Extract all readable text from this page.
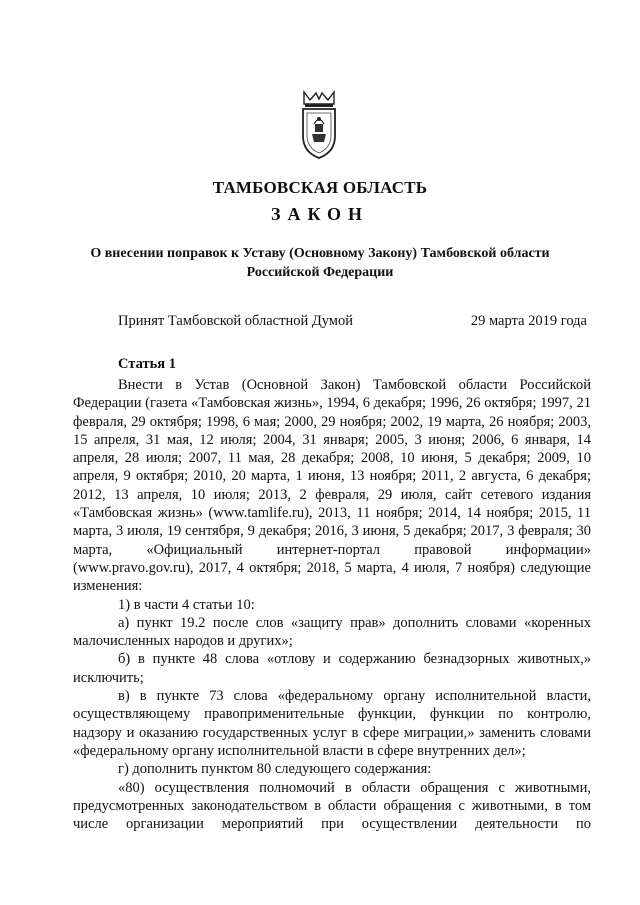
ТАМБОВСКАЯ ОБЛАСТЬ
ЗАКОН
О внесении поправок к Уставу (Основному Закону) Тамбовской области
Российской Федерации
Принят Тамбовской областной Думой	29 марта 2019 года
Статья 1

Внести в Устав (Основной Закон) Тамбовской области Российской Федерации (газета «Тамбовская жизнь», 1994, 6 декабря; 1996, 26 октября; 1997, 21 февраля, 29 октября; 1998, 6 мая; 2000, 29 ноября; 2002, 19 марта, 26 ноября; 2003, 15 апреля, 31 мая, 12 июля; 2004, 31 января; 2005, 3 июня; 2006, 6 января, 14 апреля, 28 июля; 2007, 11 мая, 28 декабря; 2008, 10 июня, 5 декабря; 2009, 10 апреля, 9 октября; 2010, 20 марта, 1 июня, 13 ноября; 2011, 2 августа, 6 декабря; 2012, 13 апреля, 10 июля; 2013, 2 февраля, 29 июля, сайт сетевого издания «Тамбовская жизнь» (www.tamlife.ru), 2013, 11 ноября; 2014, 14 ноября; 2015, 11 марта, 3 июля, 19 сентября, 9 декабря; 2016, 3 июня, 5 декабря; 2017, 3 февраля; 30 марта, «Официальный интернет-портал правовой информации» (www.pravo.gov.ru), 2017, 4 октября; 2018, 5 марта, 4 июля, 7 ноября) следующие изменения:

1) в части 4 статьи 10:

а) пункт 19.2 после слов «защиту прав» дополнить словами «коренных малочисленных народов и других»;

б) в пункте 48 слова «отлову и содержанию безнадзорных животных,» исключить;

в) в пункте 73 слова «федеральному органу исполнительной власти, осуществляющему правоприменительные функции, функции по контролю, надзору и оказанию государственных услуг в сфере миграции,» заменить словами «федеральному органу исполнительной власти в сфере внутренних дел»;

г) дополнить пунктом 80 следующего содержания:

«80) осуществления полномочий в области обращения с животными, предусмотренных законодательством в области обращения с животными, в том числе организации мероприятий при осуществлении деятельности по
